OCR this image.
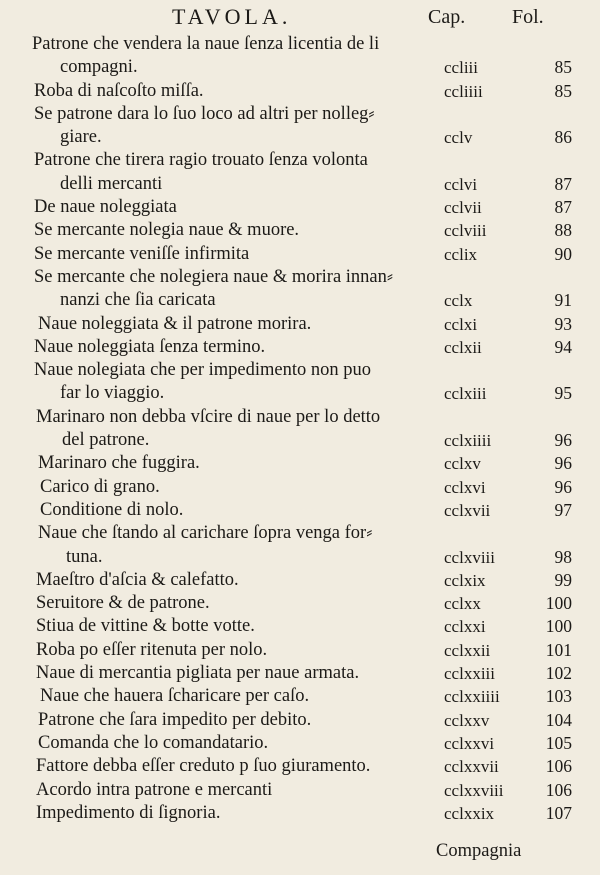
TAVOLA.	Cap. Fol.
Patrone che vendera la naue ſenza licentia de li
compagni.	ccliii	85
Roba di naſcoſto miſſa.	ccliiii	85
Se patrone dara lo ſuo loco ad altri per nolleg⸗
giare.	cclv	86
Patrone che tirera ragio trouato ſenza volonta
delli mercanti	cclvi	87
De naue noleggiata	cclvii	87
Se mercante nolegia naue & muore.	cclviii	88
Se mercante veniſſe infirmita	cclix	90
Se mercante che nolegiera naue & morira innan⸗
nanzi che ſia caricata	cclx	91
Naue noleggiata & il patrone morira.	cclxi	93
Naue noleggiata ſenza termino.	cclxii	94
Naue nolegiata che per impedimento non puo
far lo viaggio.	cclxiii	95
Marinaro non debba vſcire di naue per lo detto
del patrone.	cclxiiii	96
Marinaro che fuggira.	cclxv	96
Carico di grano.	cclxvi	96
Conditione di nolo.	cclxvii	97
Naue che ſtando al carichare ſopra venga for⸗
tuna.	cclxviii	98
Maeſtro d'aſcia & calefatto.	cclxix	99
Seruitore & de patrone.	cclxx	100
Stiua de vittine & botte votte.	cclxxi	100
Roba po eſſer ritenuta per nolo.	cclxxii	101
Naue di mercantia pigliata per naue armata.	cclxxiii	102
Naue che hauera ſcharicare per caſo.	cclxxiiii	103
Patrone che ſara impedito per debito.	cclxxv	104
Comanda che lo comandatario.	cclxxvi	105
Fattore debba eſſer creduto p ſuo giuramento.	cclxxvii	106
Acordo intra patrone e mercanti	cclxxviii 106
Impedimento di ſignoria.	cclxxix	107
Compagnia
